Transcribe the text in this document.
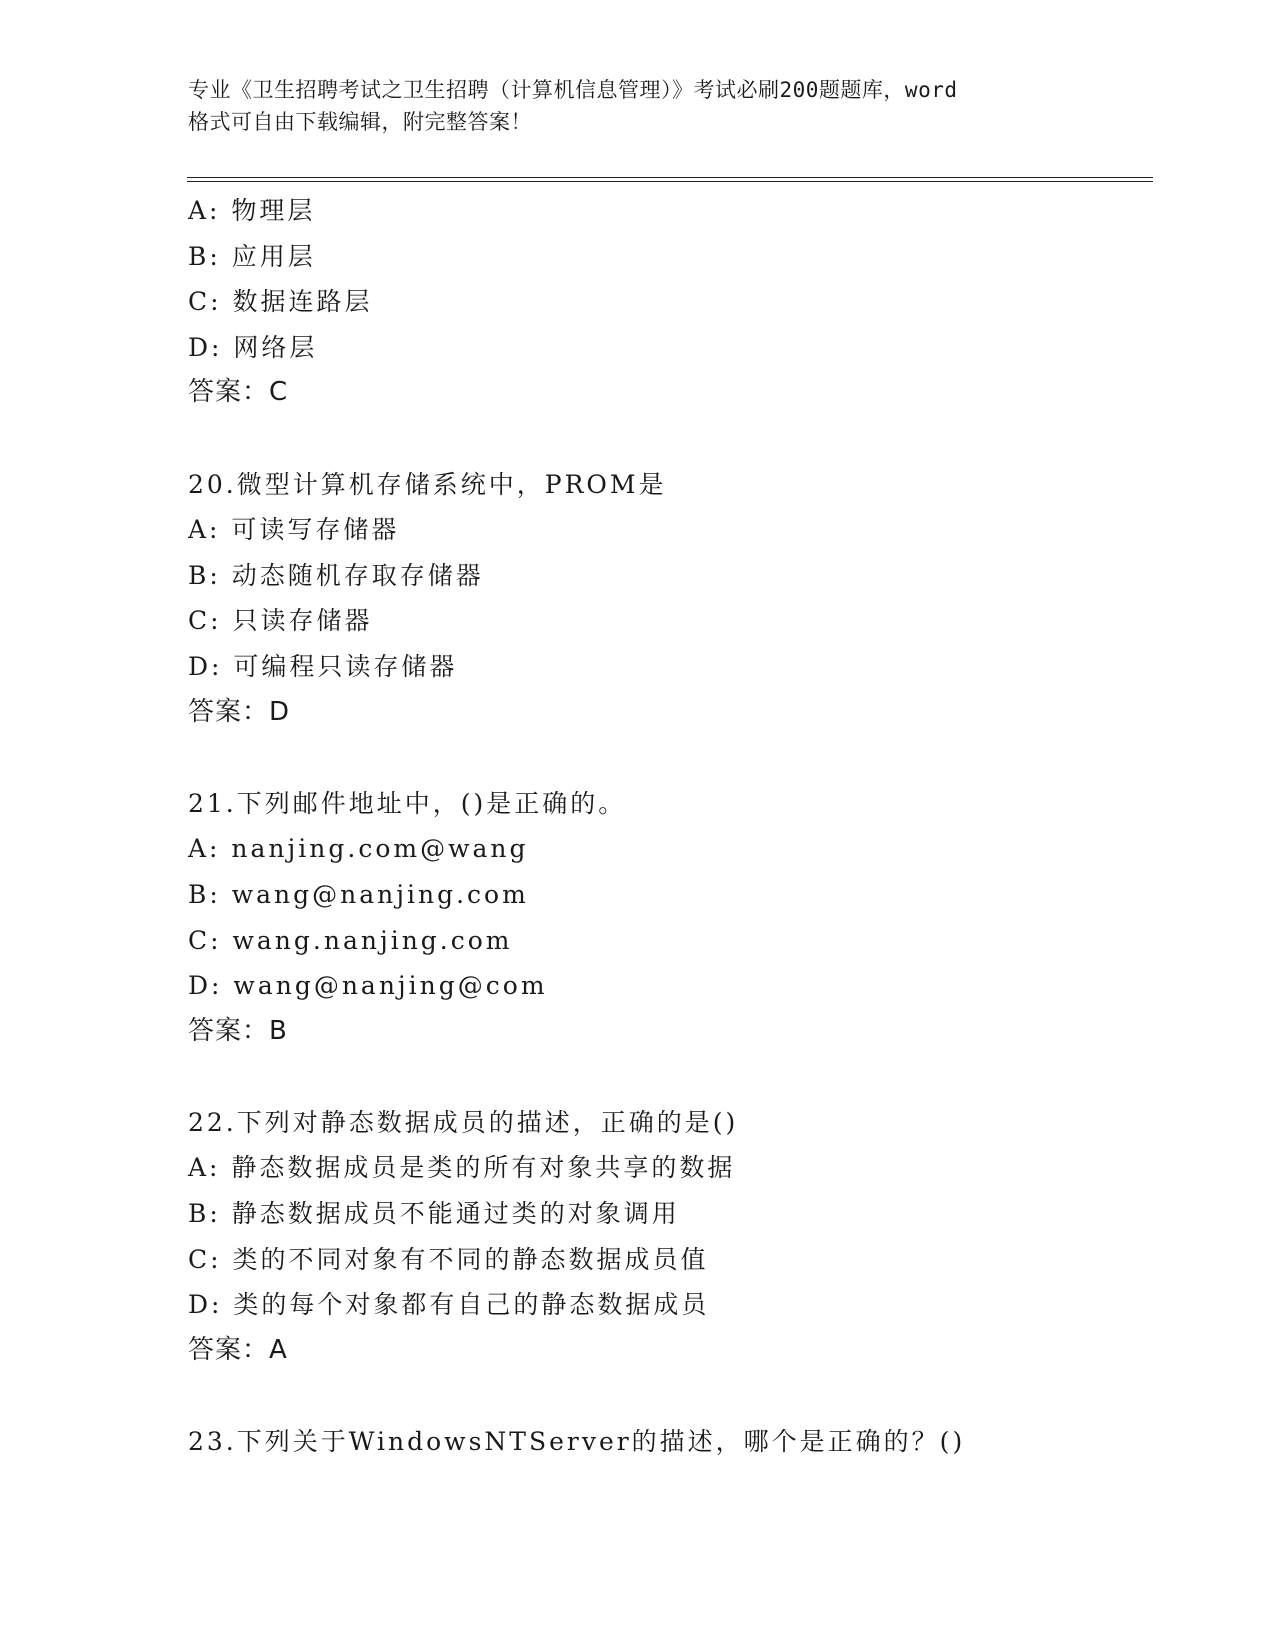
专业《卫生招聘考试之卫生招聘（计算机信息管理）》考试必刷200题题库，word
格式可自由下载编辑，附完整答案！
A: 物理层
B: 应用层
C: 数据连路层
D: 网络层
答案：C
20.微型计算机存储系统中，PROM是
A: 可读写存储器
B: 动态随机存取存储器
C: 只读存储器
D: 可编程只读存储器
答案：D
21.下列邮件地址中，()是正确的。
A: nanjing.com@wang
B: wang@nanjing.com
C: wang.nanjing.com
D: wang@nanjing@com
答案：B
22.下列对静态数据成员的描述，正确的是()
A: 静态数据成员是类的所有对象共享的数据
B: 静态数据成员不能通过类的对象调用
C: 类的不同对象有不同的静态数据成员值
D: 类的每个对象都有自己的静态数据成员
答案：A
23.下列关于WindowsNTServer的描述，哪个是正确的？()
